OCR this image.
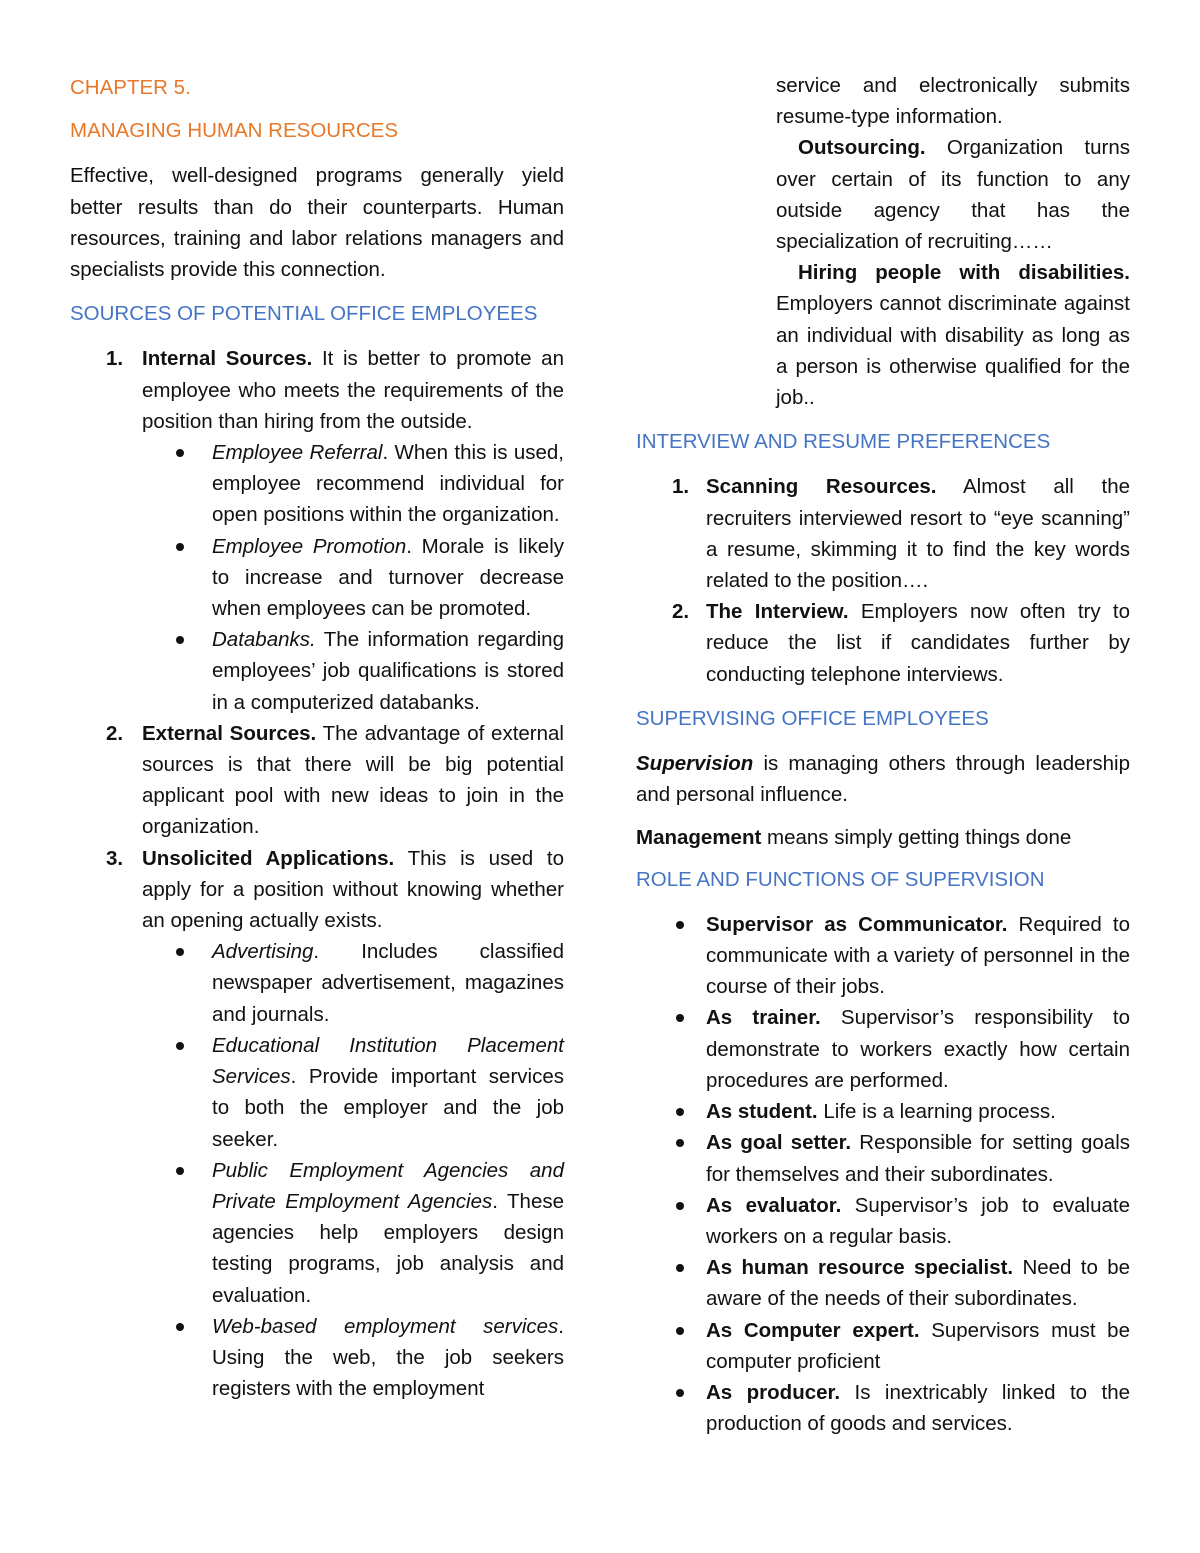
CHAPTER 5.

MANAGING HUMAN RESOURCES

Effective, well-designed programs generally yield better results than do their counterparts. Human resources, training and labor relations managers and specialists provide this connection.

SOURCES OF POTENTIAL OFFICE EMPLOYEES

1. Internal Sources. It is better to promote an employee who meets the requirements of the position than hiring from the outside.
Employee Referral. When this is used, employee recommend individual for open positions within the organization.
Employee Promotion. Morale is likely to increase and turnover decrease when employees can be promoted.
Databanks. The information regarding employees’ job qualifications is stored in a computerized databanks.
2. External Sources. The advantage of external sources is that there will be big potential applicant pool with new ideas to join in the organization.
3. Unsolicited Applications. This is used to apply for a position without knowing whether an opening actually exists.
Advertising. Includes classified newspaper advertisement, magazines and journals.
Educational Institution Placement Services. Provide important services to both the employer and the job seeker.
Public Employment Agencies and Private Employment Agencies. These agencies help employers design testing programs, job analysis and evaluation.
Web-based employment services. Using the web, the job seekers registers with the employment

service and electronically submits resume-type information.

Outsourcing. Organization turns over certain of its function to any outside agency that has the specialization of recruiting……

Hiring people with disabilities. Employers cannot discriminate against an individual with disability as long as a person is otherwise qualified for the job..

INTERVIEW AND RESUME PREFERENCES

1. Scanning Resources. Almost all the recruiters interviewed resort to “eye scanning” a resume, skimming it to find the key words related to the position….
2. The Interview. Employers now often try to reduce the list if candidates further by conducting telephone interviews.

SUPERVISING OFFICE EMPLOYEES

Supervision is managing others through leadership and personal influence.

Management means simply getting things done

ROLE AND FUNCTIONS OF SUPERVISION

Supervisor as Communicator. Required to communicate with a variety of personnel in the course of their jobs.
As trainer. Supervisor’s responsibility to demonstrate to workers exactly how certain procedures are performed.
As student. Life is a learning process.
As goal setter. Responsible for setting goals for themselves and their subordinates.
As evaluator. Supervisor’s job to evaluate workers on a regular basis.
As human resource specialist. Need to be aware of the needs of their subordinates.
As Computer expert. Supervisors must be computer proficient
As producer. Is inextricably linked to the production of goods and services.
